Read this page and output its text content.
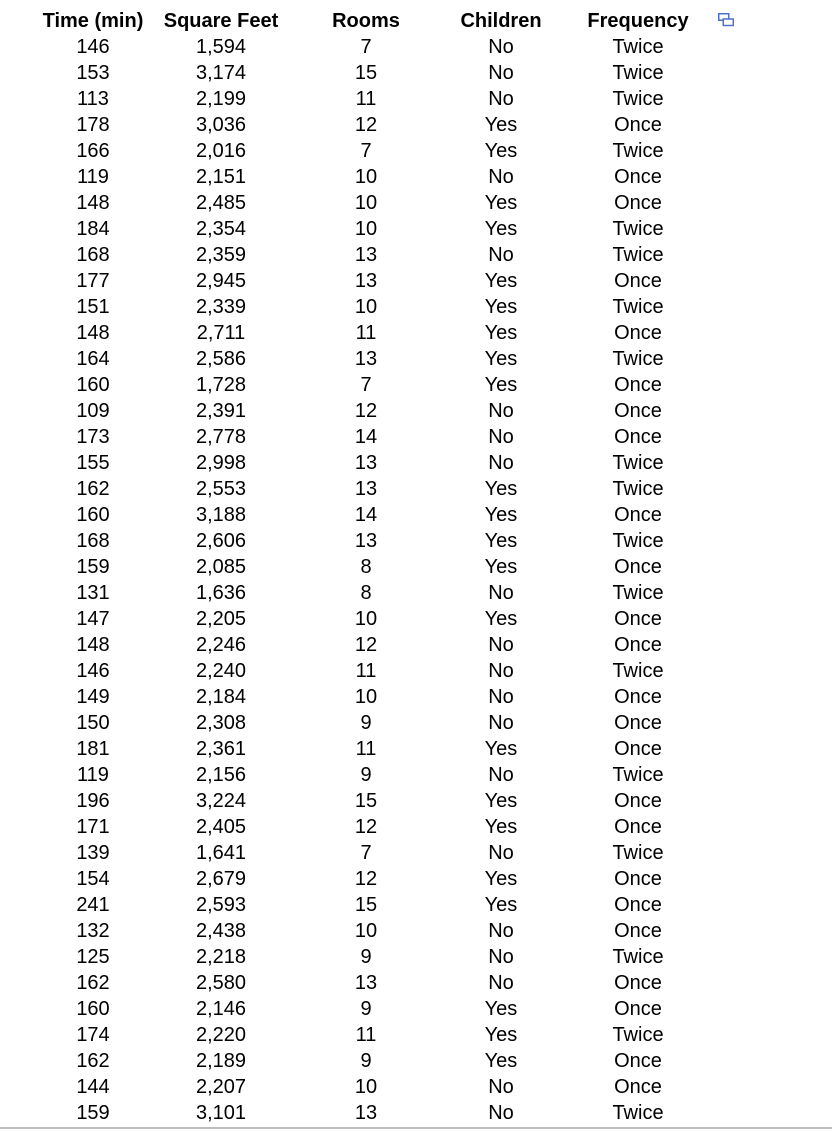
Time (min)	Square Feet	Rooms	Children	Frequency
146	1,594	7	No	Twice
153	3,174	15	No	Twice
113	2,199	11	No	Twice
178	3,036	12	Yes	Once
166	2,016	7	Yes	Twice
119	2,151	10	No	Once
148	2,485	10	Yes	Once
184	2,354	10	Yes	Twice
168	2,359	13	No	Twice
177	2,945	13	Yes	Once
151	2,339	10	Yes	Twice
148	2,711	11	Yes	Once
164	2,586	13	Yes	Twice
160	1,728	7	Yes	Once
109	2,391	12	No	Once
173	2,778	14	No	Once
155	2,998	13	No	Twice
162	2,553	13	Yes	Twice
160	3,188	14	Yes	Once
168	2,606	13	Yes	Twice
159	2,085	8	Yes	Once
131	1,636	8	No	Twice
147	2,205	10	Yes	Once
148	2,246	12	No	Once
146	2,240	11	No	Twice
149	2,184	10	No	Once
150	2,308	9	No	Once
181	2,361	11	Yes	Once
119	2,156	9	No	Twice
196	3,224	15	Yes	Once
171	2,405	12	Yes	Once
139	1,641	7	No	Twice
154	2,679	12	Yes	Once
241	2,593	15	Yes	Once
132	2,438	10	No	Once
125	2,218	9	No	Twice
162	2,580	13	No	Once
160	2,146	9	Yes	Once
174	2,220	11	Yes	Twice
162	2,189	9	Yes	Once
144	2,207	10	No	Once
159	3,101	13	No	Twice
